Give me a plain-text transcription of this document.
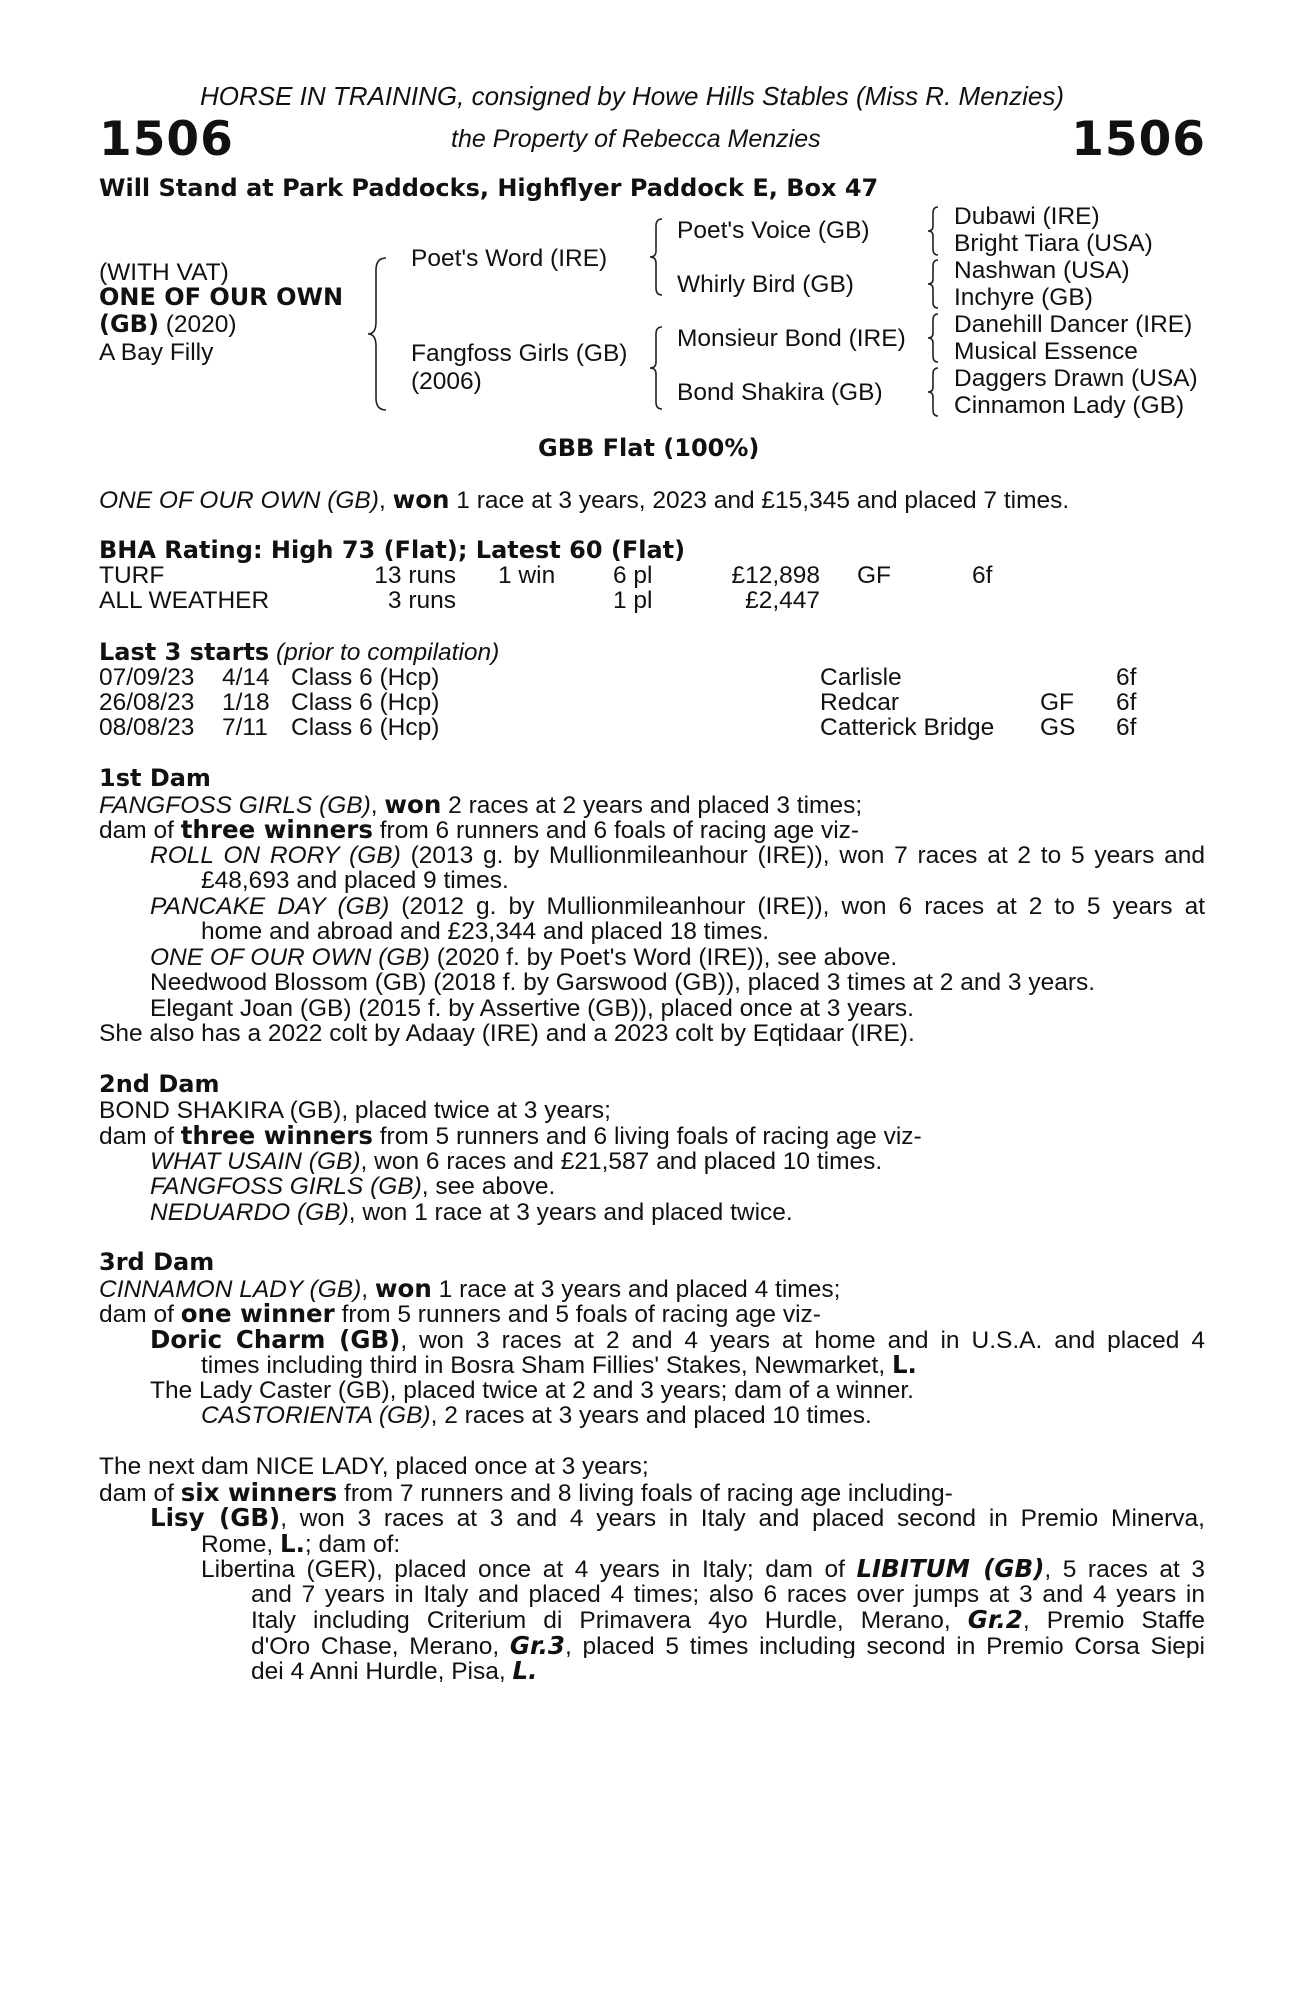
HORSE IN TRAINING, consigned by Howe Hills Stables (Miss R. Menzies)
1506	the Property of Rebecca Menzies	1506
Will Stand at Park Paddocks, Highflyer Paddock E, Box 47
(WITH VAT)
ONE OF OUR OWN
(GB) (2020)
A Bay Filly
Poet's Word (IRE)
Fangfoss Girls (GB)
(2006)
Poet's Voice (GB)
Whirly Bird (GB)
Monsieur Bond (IRE)
Bond Shakira (GB)
Dubawi (IRE)
Bright Tiara (USA)
Nashwan (USA)
Inchyre (GB)
Danehill Dancer (IRE)
Musical Essence
Daggers Drawn (USA)
Cinnamon Lady (GB)
GBB Flat (100%)
ONE OF OUR OWN (GB), won 1 race at 3 years, 2023 and £15,345 and placed 7 times.
BHA Rating: High 73 (Flat); Latest 60 (Flat)
TURF	13 runs 1 win 6 pl	£12,898 GF	6f
ALL WEATHER	3 runs	1 pl	£2,447
Last 3 starts (prior to compilation)
07/09/23 4/14 Class 6 (Hcp)	Carlisle	6f
26/08/23 1/18 Class 6 (Hcp)	Redcar	GF 6f
08/08/23 7/11 Class 6 (Hcp)	Catterick Bridge GS 6f
1st Dam
FANGFOSS GIRLS (GB), won 2 races at 2 years and placed 3 times;
dam of three winners from 6 runners and 6 foals of racing age viz-
ROLL ON RORY (GB) (2013 g. by Mullionmileanhour (IRE)), won 7 races at 2 to 5 years and
£48,693 and placed 9 times.
PANCAKE DAY (GB) (2012 g. by Mullionmileanhour (IRE)), won 6 races at 2 to 5 years at
home and abroad and £23,344 and placed 18 times.
ONE OF OUR OWN (GB) (2020 f. by Poet's Word (IRE)), see above.
Needwood Blossom (GB) (2018 f. by Garswood (GB)), placed 3 times at 2 and 3 years.
Elegant Joan (GB) (2015 f. by Assertive (GB)), placed once at 3 years.
She also has a 2022 colt by Adaay (IRE) and a 2023 colt by Eqtidaar (IRE).
2nd Dam
BOND SHAKIRA (GB), placed twice at 3 years;
dam of three winners from 5 runners and 6 living foals of racing age viz-
WHAT USAIN (GB), won 6 races and £21,587 and placed 10 times.
FANGFOSS GIRLS (GB), see above.
NEDUARDO (GB), won 1 race at 3 years and placed twice.
3rd Dam
CINNAMON LADY (GB), won 1 race at 3 years and placed 4 times;
dam of one winner from 5 runners and 5 foals of racing age viz-
Doric Charm (GB), won 3 races at 2 and 4 years at home and in U.S.A. and placed 4
times including third in Bosra Sham Fillies' Stakes, Newmarket, L.
The Lady Caster (GB), placed twice at 2 and 3 years; dam of a winner.
CASTORIENTA (GB), 2 races at 3 years and placed 10 times.
The next dam NICE LADY, placed once at 3 years;
dam of six winners from 7 runners and 8 living foals of racing age including-
Lisy (GB), won 3 races at 3 and 4 years in Italy and placed second in Premio Minerva,
Rome, L.; dam of:
Libertina (GER), placed once at 4 years in Italy; dam of LIBITUM (GB), 5 races at 3
and 7 years in Italy and placed 4 times; also 6 races over jumps at 3 and 4 years in
Italy including Criterium di Primavera 4yo Hurdle, Merano, Gr.2, Premio Staffe
d'Oro Chase, Merano, Gr.3, placed 5 times including second in Premio Corsa Siepi
dei 4 Anni Hurdle, Pisa, L.
